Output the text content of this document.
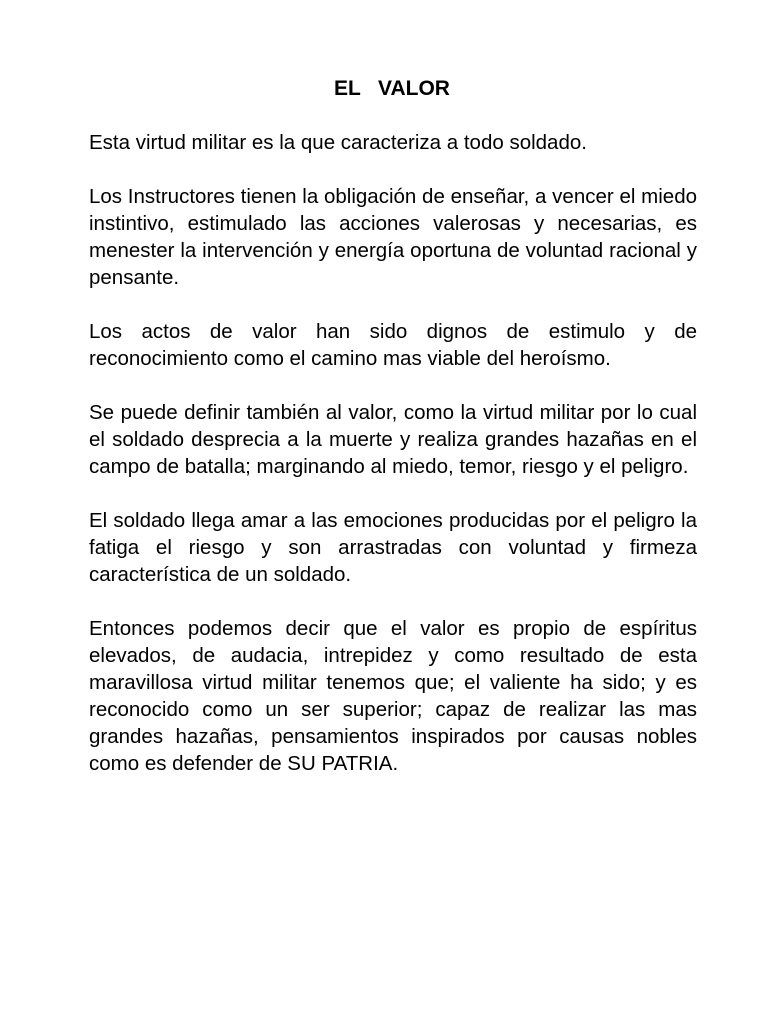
EL   VALOR

Esta virtud militar es la que caracteriza a todo soldado.

Los Instructores tienen la obligación de enseñar, a vencer el miedo instintivo, estimulado las acciones valerosas y necesarias, es menester la intervención y energía oportuna de voluntad racional y pensante.

Los actos de valor han sido dignos de estimulo y de reconocimiento como el camino mas viable del heroísmo.

Se puede definir también al valor, como la virtud militar por lo cual el soldado desprecia a la muerte y realiza grandes hazañas en el campo de batalla; marginando al miedo, temor, riesgo y el peligro.

El soldado llega amar a las emociones producidas por el peligro la fatiga el riesgo y son arrastradas con voluntad y firmeza característica de un soldado.

Entonces podemos decir que el valor es propio de espíritus elevados, de audacia, intrepidez y como resultado de esta maravillosa virtud militar tenemos que; el valiente ha sido; y es reconocido como un ser superior; capaz de realizar las mas grandes hazañas, pensamientos inspirados por causas nobles como es defender de SU PATRIA.
